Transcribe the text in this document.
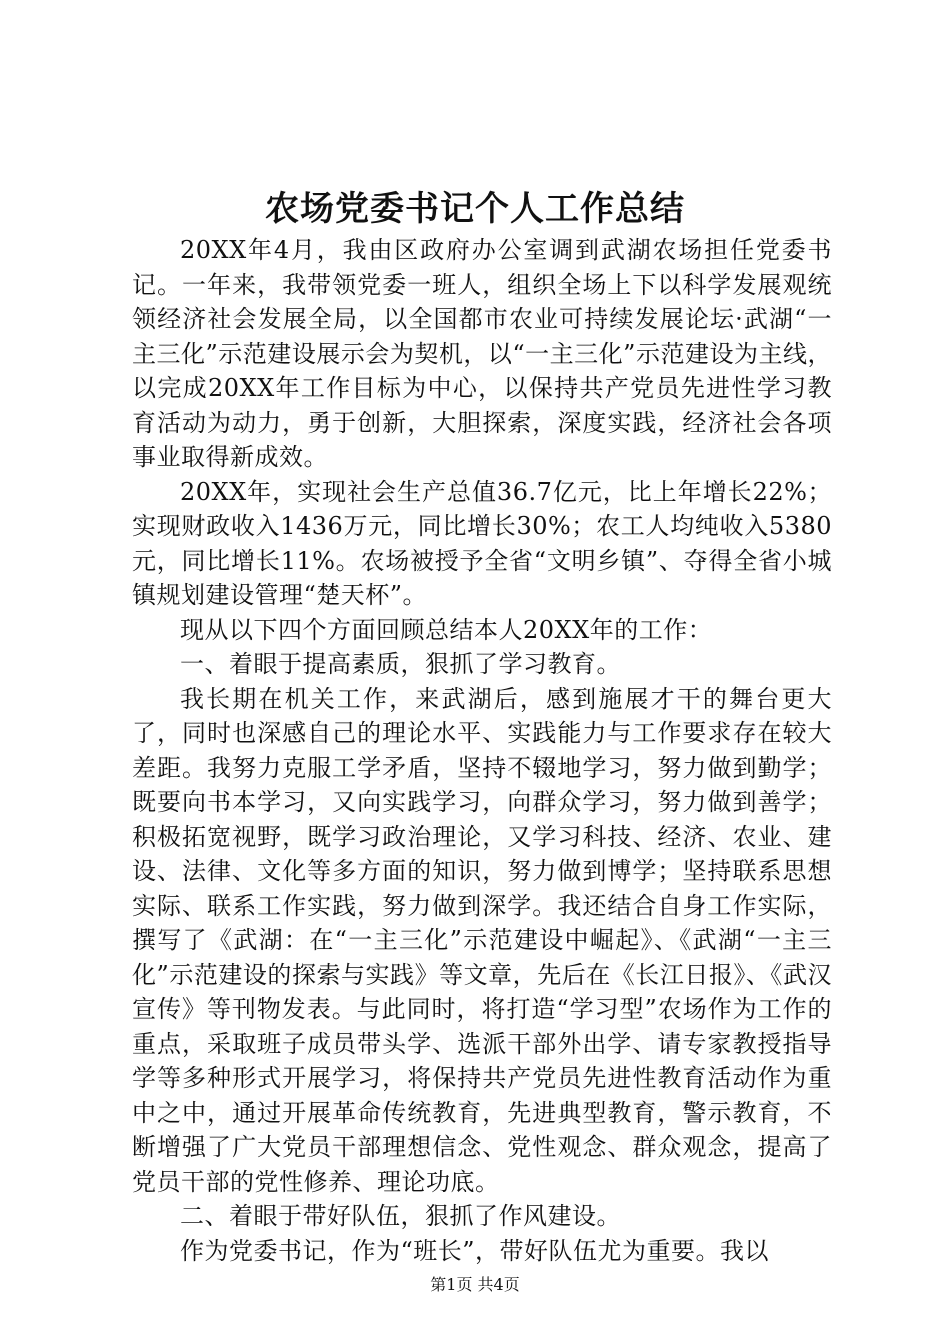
农场党委书记个人工作总结

20XX年4月，我由区政府办公室调到武湖农场担任党委书记。一年来，我带领党委一班人，组织全场上下以科学发展观统领经济社会发展全局，以全国都市农业可持续发展论坛·武湖“一主三化”示范建设展示会为契机，以“一主三化”示范建设为主线，以完成20XX年工作目标为中心，以保持共产党员先进性学习教育活动为动力，勇于创新，大胆探索，深度实践，经济社会各项事业取得新成效。

20XX年，实现社会生产总值36.7亿元，比上年增长22%；实现财政收入1436万元，同比增长30%；农工人均纯收入5380元，同比增长11%。农场被授予全省“文明乡镇”、夺得全省小城镇规划建设管理“楚天杯”。

现从以下四个方面回顾总结本人20XX年的工作：

一、着眼于提高素质，狠抓了学习教育。

我长期在机关工作，来武湖后，感到施展才干的舞台更大了，同时也深感自己的理论水平、实践能力与工作要求存在较大差距。我努力克服工学矛盾，坚持不辍地学习，努力做到勤学；既要向书本学习，又向实践学习，向群众学习，努力做到善学；积极拓宽视野，既学习政治理论，又学习科技、经济、农业、建设、法律、文化等多方面的知识，努力做到博学；坚持联系思想实际、联系工作实践，努力做到深学。我还结合自身工作实际，撰写了《武湖：在“一主三化”示范建设中崛起》、《武湖“一主三化”示范建设的探索与实践》等文章，先后在《长江日报》、《武汉宣传》等刊物发表。与此同时，将打造“学习型”农场作为工作的重点，采取班子成员带头学、选派干部外出学、请专家教授指导学等多种形式开展学习，将保持共产党员先进性教育活动作为重中之中，通过开展革命传统教育，先进典型教育，警示教育，不断增强了广大党员干部理想信念、党性观念、群众观念，提高了党员干部的党性修养、理论功底。

二、着眼于带好队伍，狠抓了作风建设。

作为党委书记，作为“班长”，带好队伍尤为重要。我以

第1页 共4页
